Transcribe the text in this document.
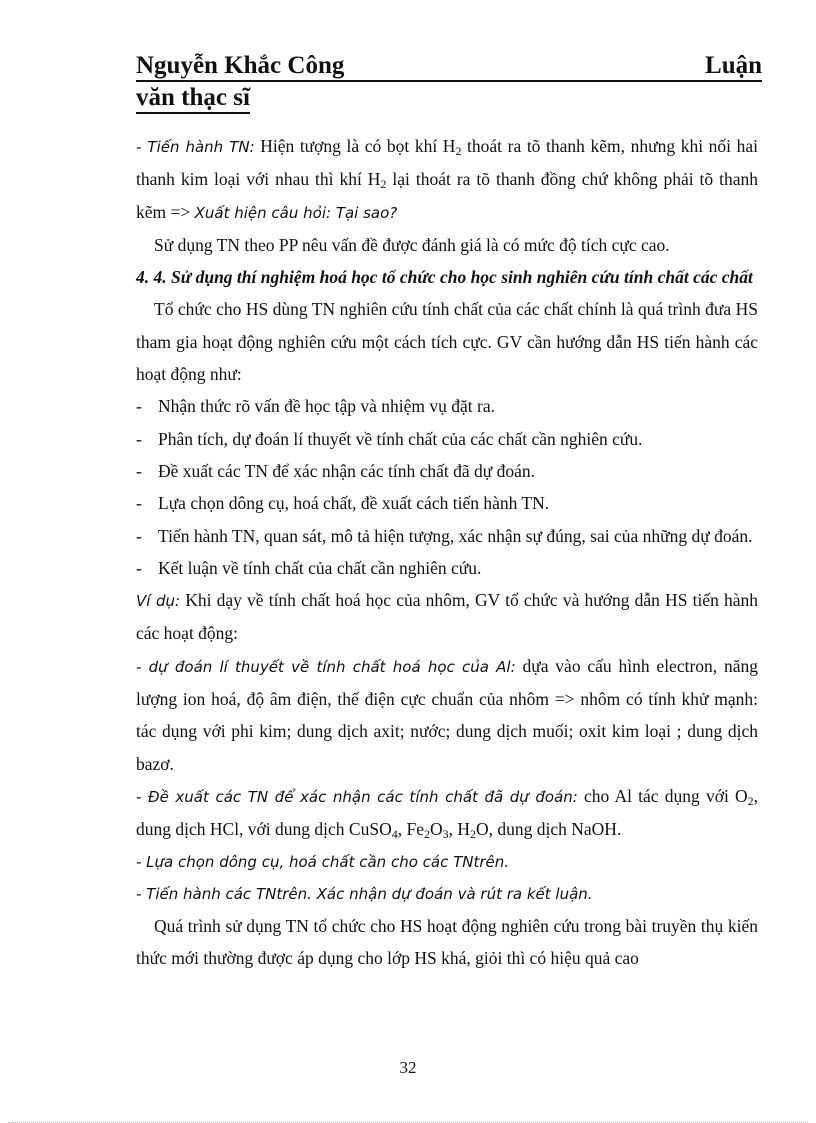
Nguyễn Khắc Công	Luận
văn thạc sĩ

- Tiến hành TN: Hiện tượng là có bọt khí $H_2$ thoát ra tõ thanh kẽm, nhưng khi nối hai thanh kim loại với nhau thì khí $H_2$ lại thoát ra tõ thanh đồng chứ không phải tõ thanh kẽm => Xuất hiện câu hỏi: Tại sao?

Sử dụng TN theo PP nêu vấn đề được đánh giá là có mức độ tích cực cao.

4. 4. Sử dụng thí nghiệm hoá học tổ chức cho học sinh nghiên cứu tính chất các chất

Tổ chức cho HS dùng TN nghiên cứu tính chất của các chất chính là quá trình đưa HS tham gia hoạt động nghiên cứu một cách tích cực. GV cần hướng dẫn HS tiến hành các hoạt động như:

- Nhận thức rõ vấn đề học tập và nhiệm vụ đặt ra.

- Phân tích, dự đoán lí thuyết về tính chất của các chất cần nghiên cứu.

- Đề xuất các TN để xác nhận các tính chất đã dự đoán.

- Lựa chọn dông cụ, hoá chất, đề xuất cách tiến hành TN.

- Tiến hành TN, quan sát, mô tả hiện tượng, xác nhận sự đúng, sai của những dự đoán.

- Kết luận về tính chất của chất cần nghiên cứu.

Ví dụ: Khi dạy về tính chất hoá học của nhôm, GV tổ chức và hướng dẫn HS tiến hành các hoạt động:

- dự đoán lí thuyết về tính chất hoá học của Al: dựa vào cấu hình electron, năng lượng ion hoá, độ âm điện, thế điện cực chuẩn của nhôm => nhôm có tính khử mạnh: tác dụng với phi kim; dung dịch axit; nước; dung dịch muối; oxit kim loại ; dung dịch bazơ.

- Đề xuất các TN để xác nhận các tính chất đã dự đoán: cho Al tác dụng với $O_2$, dung dịch HCl, với dung dịch CuSO$_4$, $Fe_2O_3$, $H_2O$, dung dịch NaOH.

- Lựa chọn dông cụ, hoá chất cần cho các TNtrên.

- Tiến hành các TNtrên. Xác nhận dự đoán và rút ra kết luận.

Quá trình sử dụng TN tổ chức cho HS hoạt động nghiên cứu trong bài truyền thụ kiến thức mới thường được áp dụng cho lớp HS khá, giỏi thì có hiệu quả cao

32
